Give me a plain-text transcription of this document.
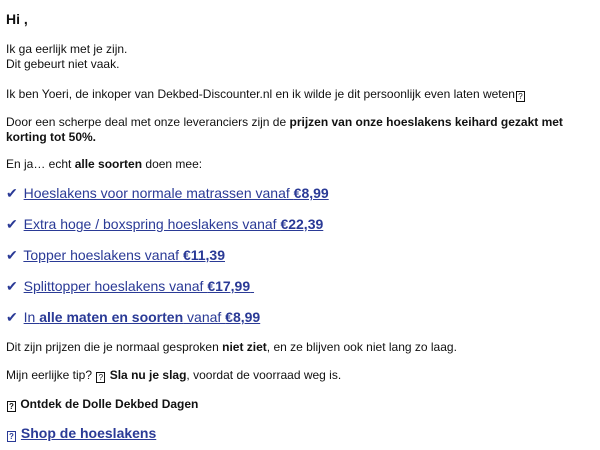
Hi ,

Ik ga eerlijk met je zijn.
Dit gebeurt niet vaak.

Ik ben Yoeri, de inkoper van Dekbed-Discounter.nl en ik wilde je dit persoonlijk even laten weten ?

Door een scherpe deal met onze leveranciers zijn de prijzen van onze hoeslakens keihard gezakt met korting tot 50%.

En ja… echt alle soorten doen mee:

✔ Hoeslakens voor normale matrassen vanaf €8,99

✔ Extra hoge / boxspring hoeslakens vanaf €22,39

✔ Topper hoeslakens vanaf €11,39

✔ Splittopper hoeslakens vanaf €17,99

✔ In alle maten en soorten vanaf €8,99

Dit zijn prijzen die je normaal gesproken niet ziet, en ze blijven ook niet lang zo laag.

Mijn eerlijke tip? ? Sla nu je slag, voordat de voorraad weg is.

? Ontdek de Dolle Dekbed Dagen

? Shop de hoeslakens
